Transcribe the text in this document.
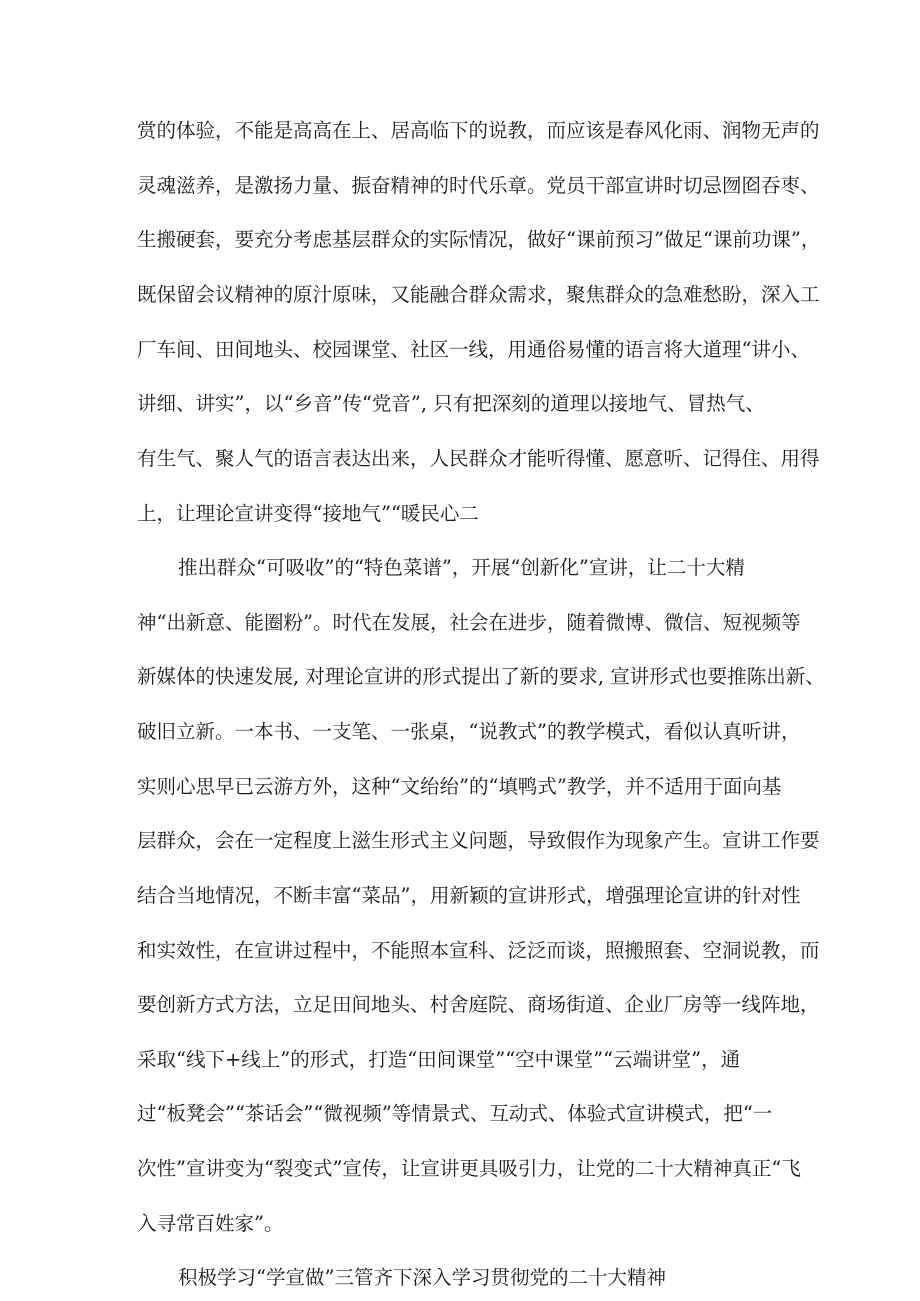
赏的体验，不能是高高在上、居高临下的说教，而应该是春风化雨、润物无声的

灵魂滋养，是激扬力量、振奋精神的时代乐章。党员干部宣讲时切忌囫囵吞枣、

生搬硬套，要充分考虑基层群众的实际情况，做好“课前预习”做足“课前功课”，

既保留会议精神的原汁原味，又能融合群众需求，聚焦群众的急难愁盼，深入工

厂车间、田间地头、校园课堂、社区一线，用通俗易懂的语言将大道理“讲小、

讲细、讲实”，以“乡音”传“党音”, 只有把深刻的道理以接地气、冒热气、

有生气、聚人气的语言表达出来，人民群众才能听得懂、愿意听、记得住、用得

上，让理论宣讲变得“接地气”“暖民心二

推出群众“可吸收”的“特色菜谱”，开展“创新化”宣讲，让二十大精

神“出新意、能圈粉”。时代在发展，社会在进步，随着微博、微信、短视频等

新媒体的快速发展, 对理论宣讲的形式提出了新的要求, 宣讲形式也要推陈出新、

破旧立新。一本书、一支笔、一张桌，“说教式”的教学模式，看似认真听讲，

实则心思早已云游方外，这种“文绐绐”的“填鸭式”教学，并不适用于面向基

层群众，会在一定程度上滋生形式主义问题，导致假作为现象产生。宣讲工作要

结合当地情况，不断丰富“菜品”，用新颖的宣讲形式，增强理论宣讲的针对性

和实效性，在宣讲过程中，不能照本宣科、泛泛而谈，照搬照套、空洞说教，而

要创新方式方法，立足田间地头、村舍庭院、商场街道、企业厂房等一线阵地，

采取“线下+线上”的形式，打造“田间课堂”“空中课堂”“云端讲堂”，通

过“板凳会”“茶话会”“微视频”等情景式、互动式、体验式宣讲模式，把“一

次性”宣讲变为“裂变式”宣传，让宣讲更具吸引力，让党的二十大精神真正“飞

入寻常百姓家”。

积极学习“学宣做”三管齐下深入学习贯彻党的二十大精神
